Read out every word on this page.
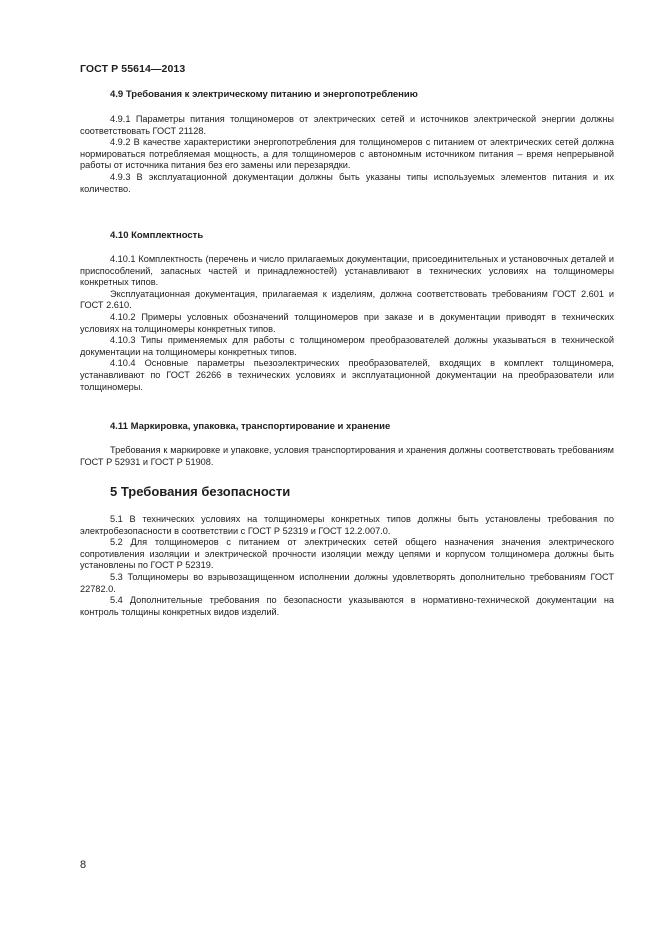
ГОСТ Р 55614—2013
4.9 Требования к электрическому питанию и энергопотреблению

4.9.1 Параметры питания толщиномеров от электрических сетей и источников электрической энергии должны соответствовать ГОСТ 21128.

4.9.2 В качестве характеристики энергопотребления для толщиномеров с питанием от электрических сетей должна нормироваться потребляемая мощность, а для толщиномеров с автономным источником питания – время непрерывной работы от источника питания без его замены или перезарядки.

4.9.3 В эксплуатационной документации должны быть указаны типы используемых элементов питания и их количество.

4.10 Комплектность

4.10.1 Комплектность (перечень и число прилагаемых документации, присоединительных и установочных деталей и приспособлений, запасных частей и принадлежностей) устанавливают в технических условиях на толщиномеры конкретных типов.

Эксплуатационная документация, прилагаемая к изделиям, должна соответствовать требованиям ГОСТ 2.601 и ГОСТ 2.610.

4.10.2 Примеры условных обозначений толщиномеров при заказе и в документации приводят в технических условиях на толщиномеры конкретных типов.

4.10.3 Типы применяемых для работы с толщиномером преобразователей должны указываться в технической документации на толщиномеры конкретных типов.

4.10.4 Основные параметры пьезоэлектрических преобразователей, входящих в комплект толщиномера, устанавливают по ГОСТ 26266 в технических условиях и эксплуатационной документации на преобразователи или толщиномеры.

4.11 Маркировка, упаковка, транспортирование и хранение

Требования к маркировке и упаковке, условия транспортирования и хранения должны соответствовать требованиям ГОСТ Р 52931 и ГОСТ Р 51908.

5 Требования безопасности

5.1 В технических условиях на толщиномеры конкретных типов должны быть установлены требования по электробезопасности в соответствии с ГОСТ Р 52319 и ГОСТ 12.2.007.0.

5.2 Для толщиномеров с питанием от электрических сетей общего назначения значения электрического сопротивления изоляции и электрической прочности изоляции между цепями и корпусом толщиномера должны быть установлены по ГОСТ Р 52319.

5.3 Толщиномеры во взрывозащищенном исполнении должны удовлетворять дополнительно требованиям ГОСТ 22782.0.

5.4 Дополнительные требования по безопасности указываются в нормативно-технической документации на контроль толщины конкретных видов изделий.

8
